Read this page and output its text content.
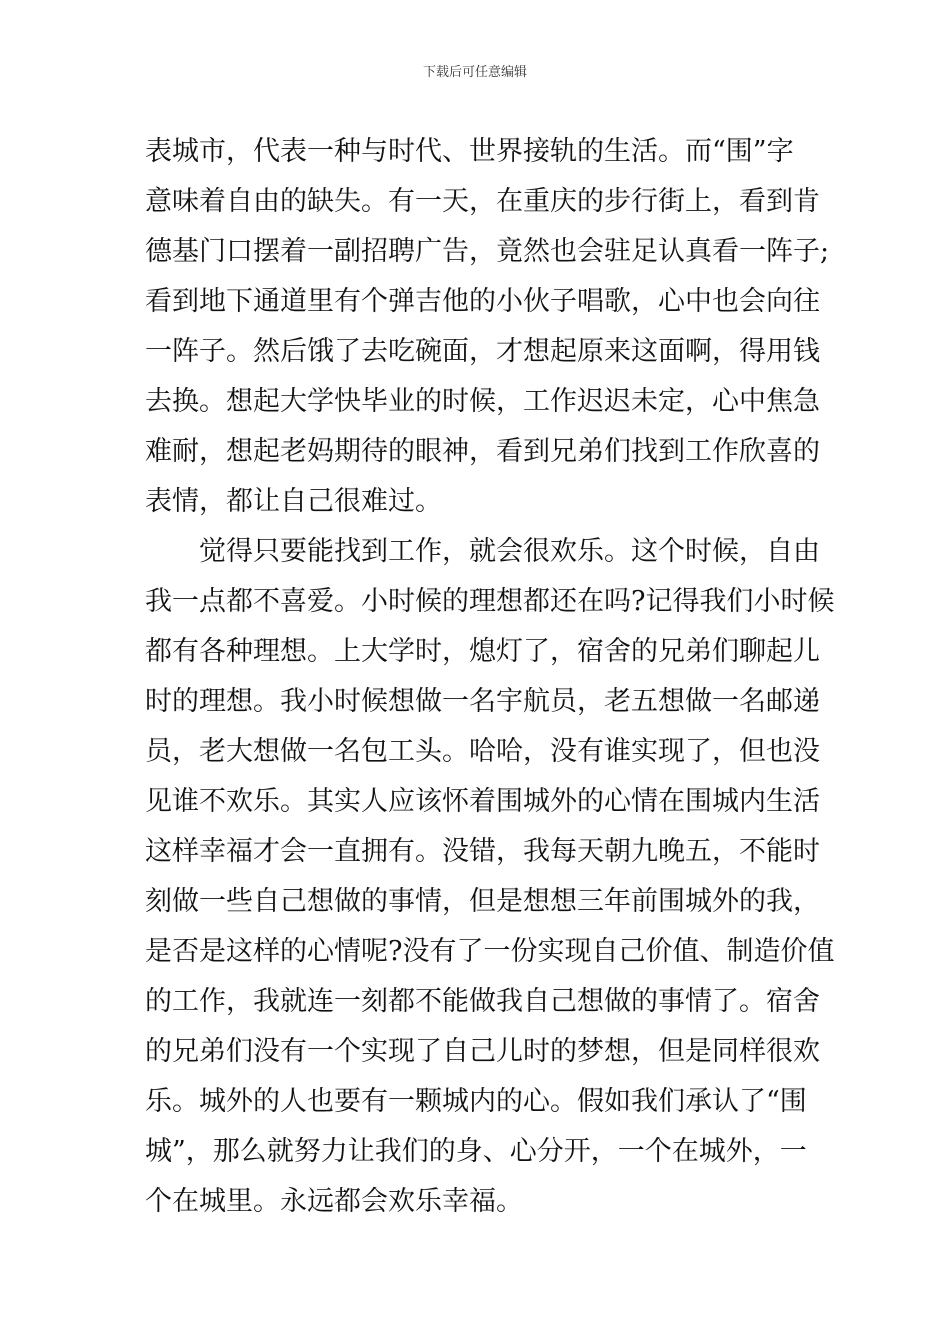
下载后可任意编辑
表城市，代表一种与时代、世界接轨的生活。而“围”字
意味着自由的缺失。有一天，在重庆的步行街上，看到肯
德基门口摆着一副招聘广告，竟然也会驻足认真看一阵子;
看到地下通道里有个弹吉他的小伙子唱歌，心中也会向往
一阵子。然后饿了去吃碗面，才想起原来这面啊，得用钱
去换。想起大学快毕业的时候，工作迟迟未定，心中焦急
难耐，想起老妈期待的眼神，看到兄弟们找到工作欣喜的
表情，都让自己很难过。
觉得只要能找到工作，就会很欢乐。这个时候，自由
我一点都不喜爱。小时候的理想都还在吗?记得我们小时候
都有各种理想。上大学时，熄灯了，宿舍的兄弟们聊起儿
时的理想。我小时候想做一名宇航员，老五想做一名邮递
员，老大想做一名包工头。哈哈，没有谁实现了，但也没
见谁不欢乐。其实人应该怀着围城外的心情在围城内生活
这样幸福才会一直拥有。没错，我每天朝九晚五，不能时
刻做一些自己想做的事情，但是想想三年前围城外的我，
是否是这样的心情呢?没有了一份实现自己价值、制造价值
的工作，我就连一刻都不能做我自己想做的事情了。宿舍
的兄弟们没有一个实现了自己儿时的梦想，但是同样很欢
乐。城外的人也要有一颗城内的心。假如我们承认了“围
城”，那么就努力让我们的身、心分开，一个在城外，一
个在城里。永远都会欢乐幸福。
